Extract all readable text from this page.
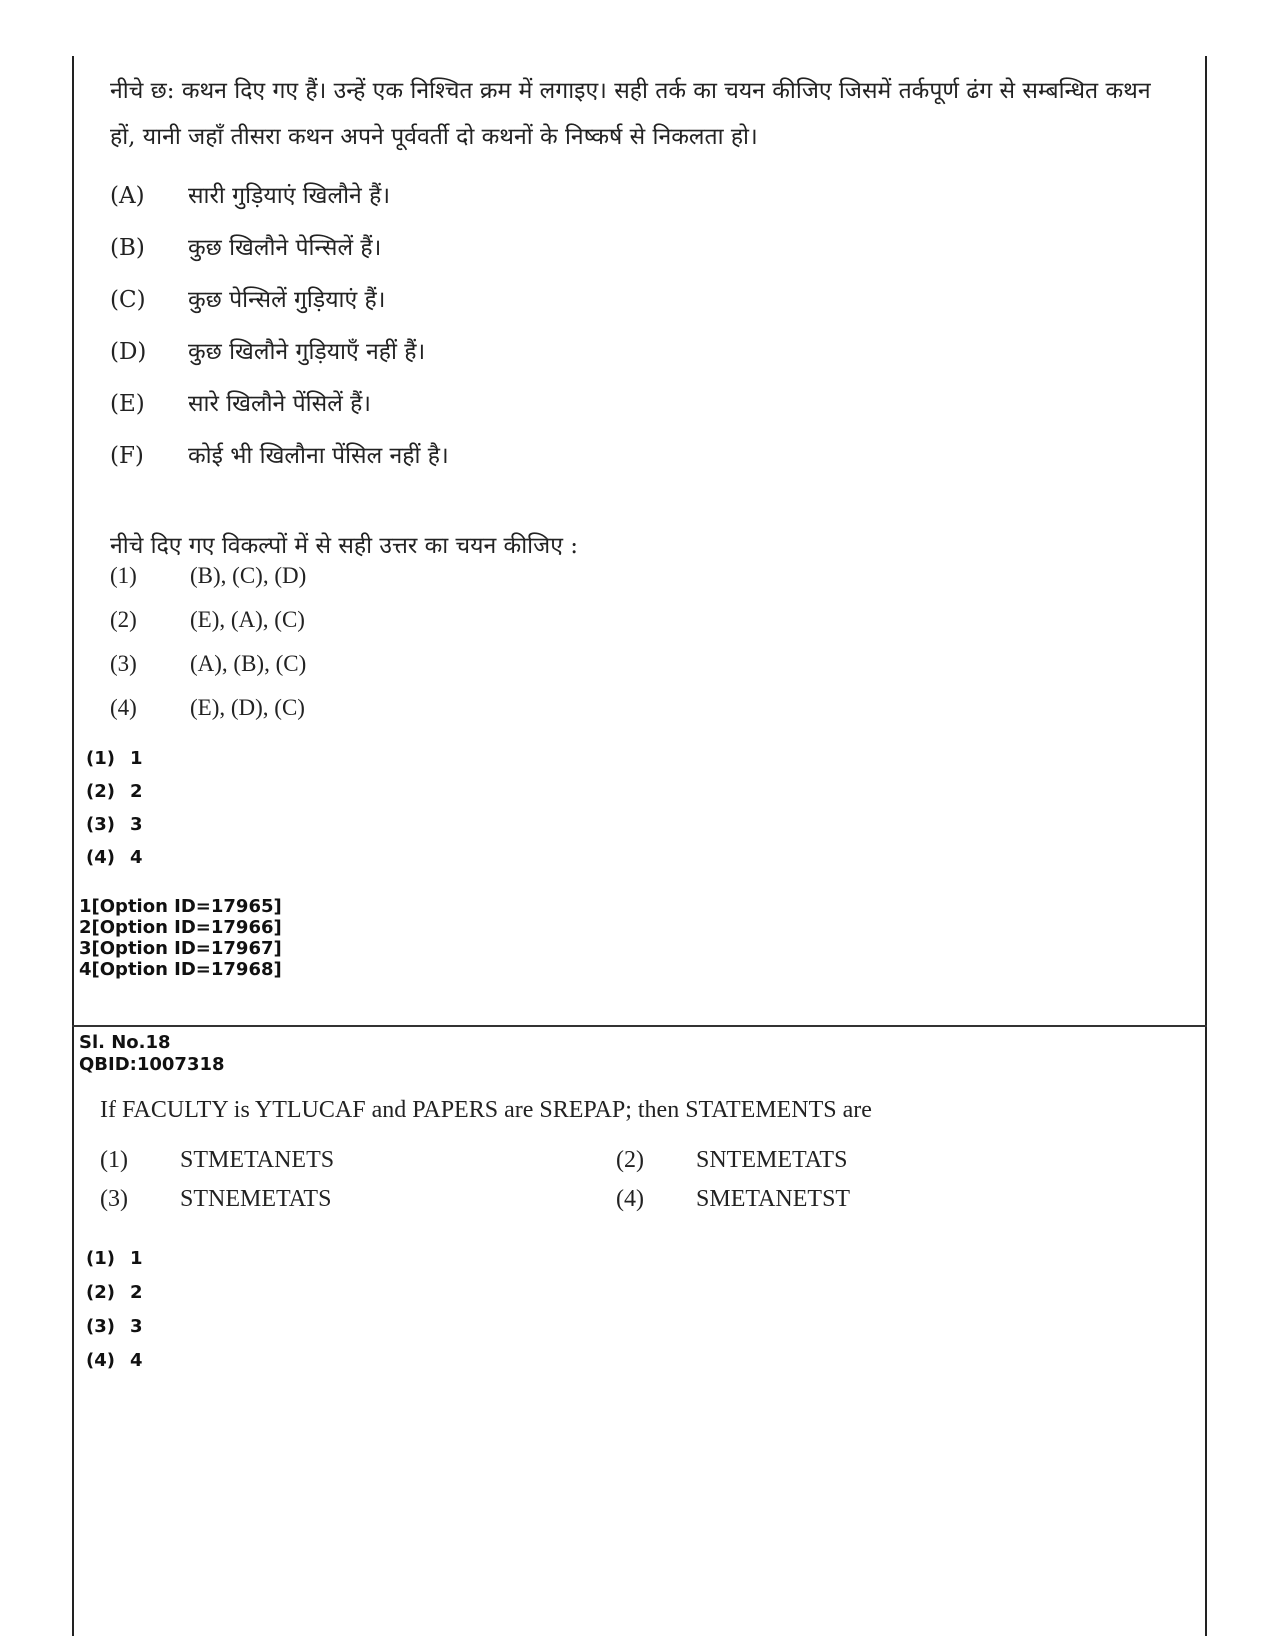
नीचे छ: कथन दिए गए हैं। उन्हें एक निश्चित क्रम में लगाइए। सही तर्क का चयन कीजिए जिसमें तर्कपूर्ण ढंग से सम्बन्धित कथन हों, यानी जहाँ तीसरा कथन अपने पूर्ववर्ती दो कथनों के निष्कर्ष से निकलता हो।
(A) सारी गुड़ियाएं खिलौने हैं।
(B) कुछ खिलौने पेन्सिलें हैं।
(C) कुछ पेन्सिलें गुड़ियाएं हैं।
(D) कुछ खिलौने गुड़ियाएँ नहीं हैं।
(E) सारे खिलौने पेंसिलें हैं।
(F) कोई भी खिलौना पेंसिल नहीं है।
नीचे दिए गए विकल्पों में से सही उत्तर का चयन कीजिए :
(1) (B), (C), (D)
(2) (E), (A), (C)
(3) (A), (B), (C)
(4) (E), (D), (C)
(1) 1
(2) 2
(3) 3
(4) 4
1[Option ID=17965]
2[Option ID=17966]
3[Option ID=17967]
4[Option ID=17968]
Sl. No.18
QBID:1007318
If FACULTY is YTLUCAF and PAPERS are SREPAP; then STATEMENTS are
(1) STMETANETS	(2) SNTEMETATS
(3) STNEMETATS	(4) SMETANETST
(1) 1
(2) 2
(3) 3
(4) 4
